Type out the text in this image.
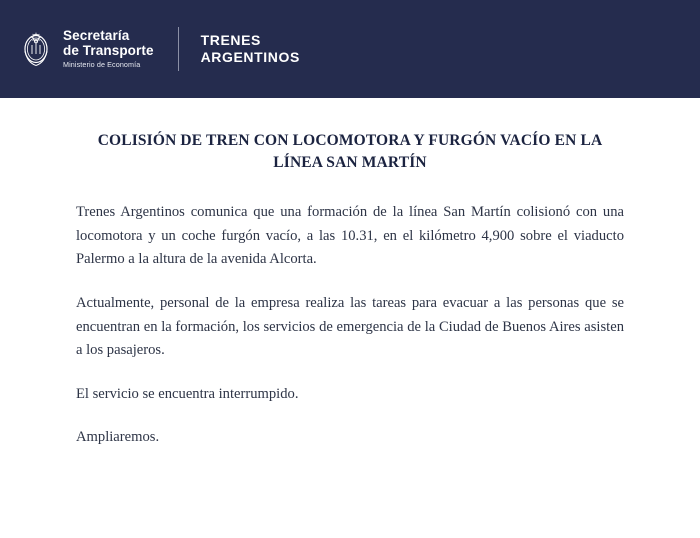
Secretaría
de Transporte
Ministerio de Economía
TRENES
ARGENTINOS
COLISIÓN DE TREN CON LOCOMOTORA Y FURGÓN VACÍO EN LA LÍNEA SAN MARTÍN

Trenes Argentinos comunica que una formación de la línea San Martín colisionó con una locomotora y un coche furgón vacío, a las 10.31, en el kilómetro 4,900 sobre el viaducto Palermo a la altura de la avenida Alcorta.

Actualmente, personal de la empresa realiza las tareas para evacuar a las personas que se encuentran en la formación, los servicios de emergencia de la Ciudad de Buenos Aires asisten a los pasajeros.

El servicio se encuentra interrumpido.

Ampliaremos.
